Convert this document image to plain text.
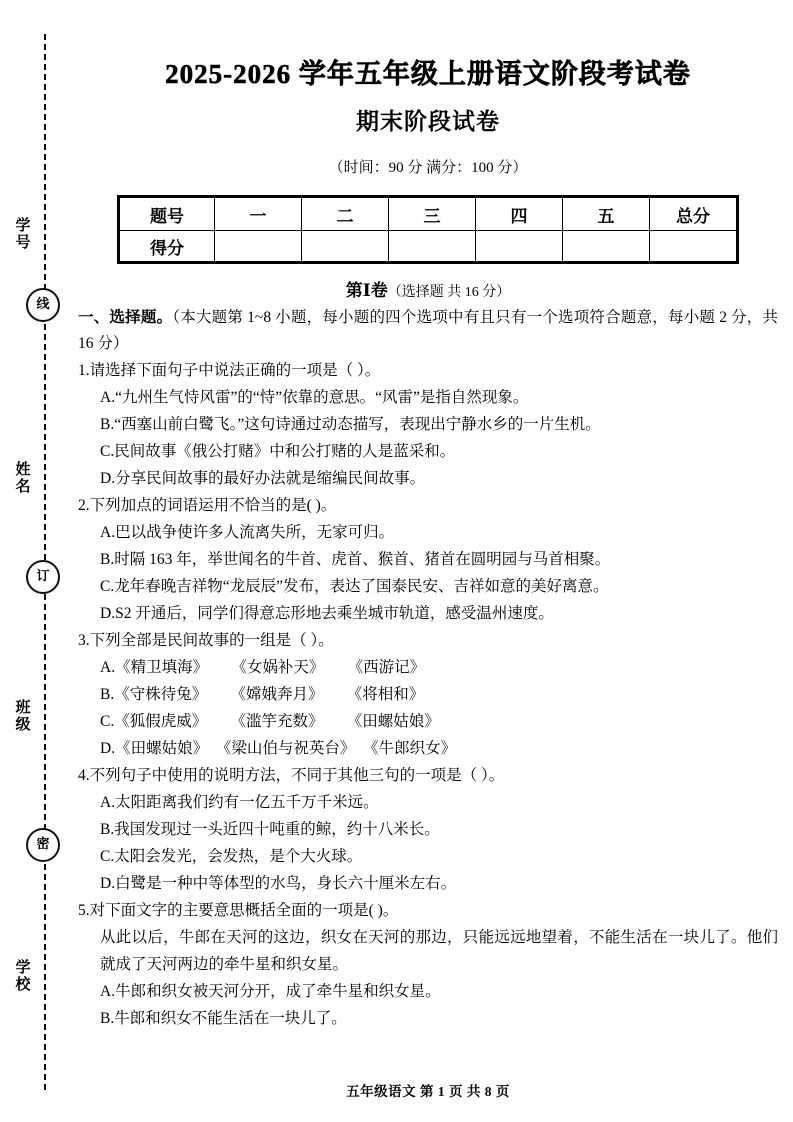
学 号
姓 名
班 级
学 校
线
订
密
2025-2026 学年五年级上册语文阶段考试卷
期末阶段试卷
（时间：90 分 满分：100 分）
题号	一	二	三	四	五	总分
得分						
第Ⅰ卷（选择题 共 16 分）
一、选择题。（本大题第 1~8 小题，每小题的四个选项中有且只有一个选项符合题意，每小题 2 分，共 16 分）
1.请选择下面句子中说法正确的一项是（ ）。
A.“九州生气恃风雷”的“恃”依靠的意思。“风雷”是指自然现象。
B.“西塞山前白鹭飞。”这句诗通过动态描写，表现出宁静水乡的一片生机。
C.民间故事《俄公打赌》中和公打赌的人是蓝采和。
D.分享民间故事的最好办法就是缩编民间故事。
2.下列加点的词语运用不恰当的是( )。
A.巴以战争使许多人流离失所，无家可归。
B.时隔 163 年，举世闻名的牛首、虎首、猴首、猪首在圆明园与马首相聚。
C.龙年春晚吉祥物“龙辰辰”发布，表达了国泰民安、吉祥如意的美好离意。
D.S2 开通后，同学们得意忘形地去乘坐城市轨道，感受温州速度。
3.下列全部是民间故事的一组是（ ）。
A.《精卫填海》 《女娲补天》 《西游记》
B.《守株待兔》 《嫦娥奔月》 《将相和》
C.《狐假虎威》 《滥竽充数》 《田螺姑娘》
D.《田螺姑娘》 《梁山伯与祝英台》 《牛郎织女》
4.不列句子中使用的说明方法，不同于其他三句的一项是（ ）。
A.太阳距离我们约有一亿五千万千米远。
B.我国发现过一头近四十吨重的鲸，约十八米长。
C.太阳会发光，会发热，是个大火球。
D.白鹭是一种中等体型的水鸟，身长六十厘米左右。
5.对下面文字的主要意思概括全面的一项是( )。
从此以后，牛郎在天河的这边，织女在天河的那边，只能远远地望着，不能生活在一块儿了。他们就成了天河两边的牵牛星和织女星。
A.牛郎和织女被天河分开，成了牵牛星和织女星。
B.牛郎和织女不能生活在一块儿了。
五年级语文 第 1 页 共 8 页
